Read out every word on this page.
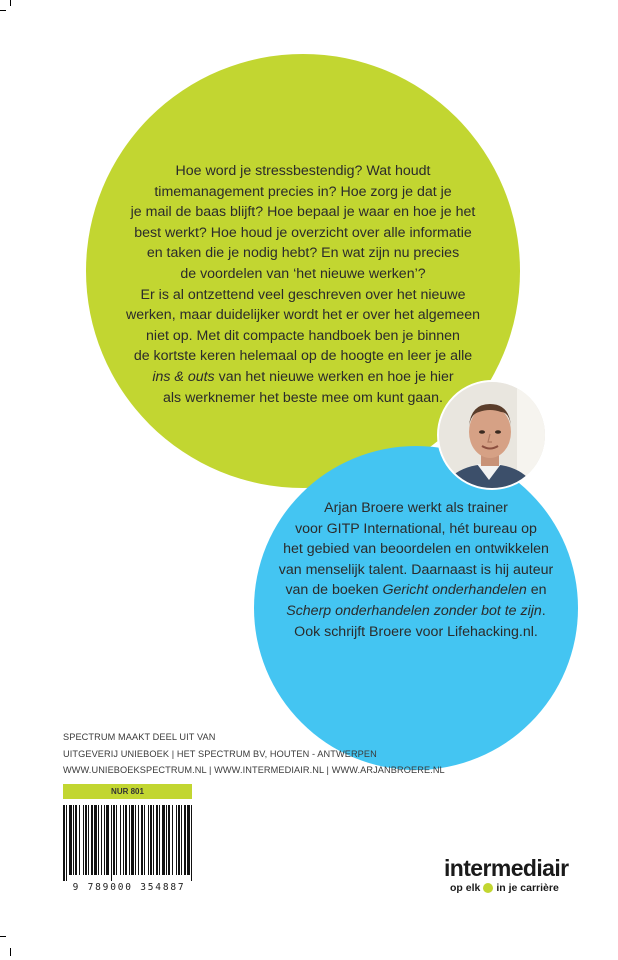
Hoe word je stressbestendig? Wat houdt
timemanagement precies in? Hoe zorg je dat je
je mail de baas blijft? Hoe bepaal je waar en hoe je het
best werkt? Hoe houd je overzicht over alle informatie
en taken die je nodig hebt? En wat zijn nu precies
de voordelen van ‘het nieuwe werken’?
Er is al ontzettend veel geschreven over het nieuwe
werken, maar duidelijker wordt het er over het algemeen
niet op. Met dit compacte handboek ben je binnen
de kortste keren helemaal op de hoogte en leer je alle
ins & outs van het nieuwe werken en hoe je hier
als werknemer het beste mee om kunt gaan.
Arjan Broere werkt als trainer
voor GITP International, hét bureau op
het gebied van beoordelen en ontwikkelen
van menselijk talent. Daarnaast is hij auteur
van de boeken Gericht onderhandelen en
Scherp onderhandelen zonder bot te zijn.
Ook schrijft Broere voor Lifehacking.nl.
SPECTRUM MAAKT DEEL UIT VAN
UITGEVERIJ UNIEBOEK | HET SPECTRUM BV, HOUTEN - ANTWERPEN
WWW.UNIEBOEKSPECTRUM.NL | WWW.INTERMEDIAIR.NL | WWW.ARJANBROERE.NL
NUR 801
9 789000 354887
intermediair
op elk in je carrière
